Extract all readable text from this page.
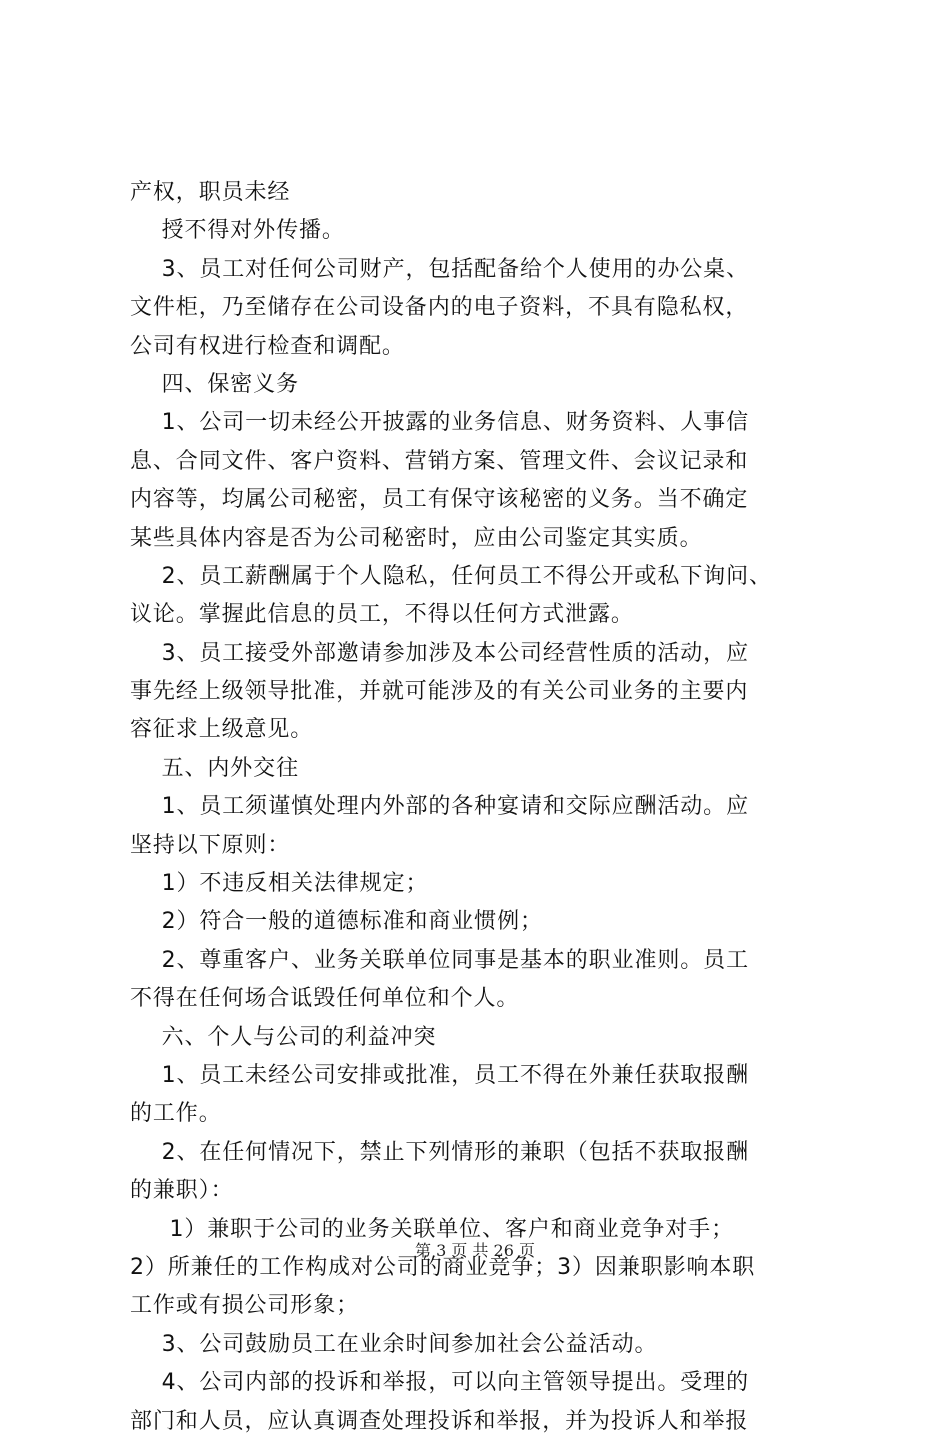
产权，职员未经
授不得对外传播。
3、员工对任何公司财产，包括配备给个人使用的办公桌、
文件柜，乃至储存在公司设备内的电子资料，不具有隐私权，
公司有权进行检查和调配。
四、保密义务
1、公司一切未经公开披露的业务信息、财务资料、人事信
息、合同文件、客户资料、营销方案、管理文件、会议记录和
内容等，均属公司秘密，员工有保守该秘密的义务。当不确定
某些具体内容是否为公司秘密时，应由公司鉴定其实质。
2、员工薪酬属于个人隐私，任何员工不得公开或私下询问、
议论。掌握此信息的员工，不得以任何方式泄露。
3、员工接受外部邀请参加涉及本公司经营性质的活动，应
事先经上级领导批准，并就可能涉及的有关公司业务的主要内
容征求上级意见。
五、内外交往
1、员工须谨慎处理内外部的各种宴请和交际应酬活动。应
坚持以下原则：
1）不违反相关法律规定；
2）符合一般的道德标准和商业惯例；
2、尊重客户、业务关联单位同事是基本的职业准则。员工
不得在任何场合诋毁任何单位和个人。
六、个人与公司的利益冲突
1、员工未经公司安排或批准，员工不得在外兼任获取报酬
的工作。
2、在任何情况下，禁止下列情形的兼职（包括不获取报酬
的兼职）：
1）兼职于公司的业务关联单位、客户和商业竞争对手；
2）所兼任的工作构成对公司的商业竞争；3）因兼职影响本职
工作或有损公司形象；
3、公司鼓励员工在业余时间参加社会公益活动。
4、公司内部的投诉和举报，可以向主管领导提出。受理的
部门和人员，应认真调查处理投诉和举报，并为投诉人和举报
第 3 页 共 26 页
